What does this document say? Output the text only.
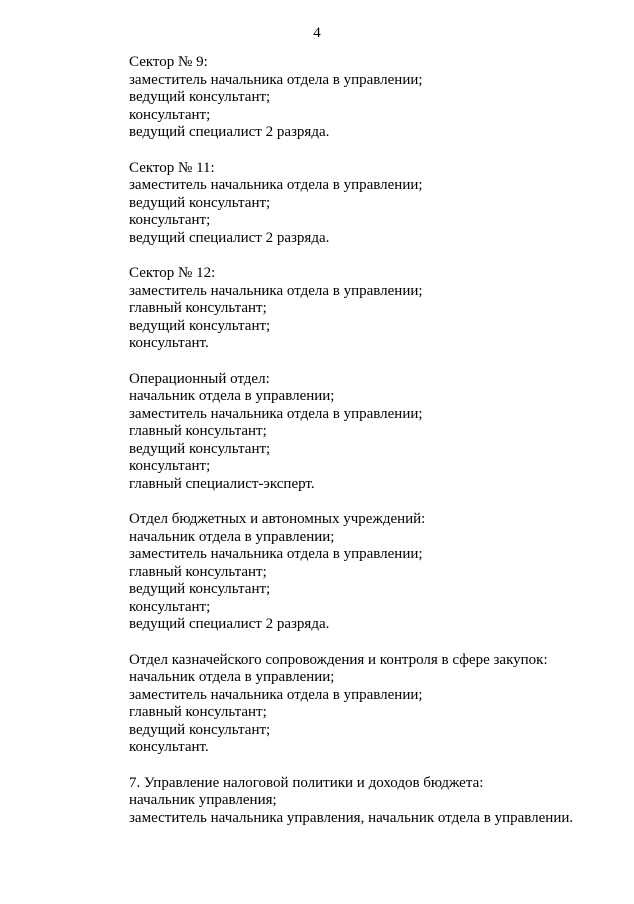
4
Сектор № 9:
заместитель начальника отдела в управлении;
ведущий консультант;
консультант;
ведущий специалист 2 разряда.
Сектор № 11:
заместитель начальника отдела в управлении;
ведущий консультант;
консультант;
ведущий специалист 2 разряда.
Сектор № 12:
заместитель начальника отдела в управлении;
главный консультант;
ведущий консультант;
консультант.
Операционный отдел:
начальник отдела в управлении;
заместитель начальника отдела в управлении;
главный консультант;
ведущий консультант;
консультант;
главный специалист-эксперт.
Отдел бюджетных и автономных учреждений:
начальник отдела в управлении;
заместитель начальника отдела в управлении;
главный консультант;
ведущий консультант;
консультант;
ведущий специалист 2 разряда.
Отдел казначейского сопровождения и контроля в сфере закупок:
начальник отдела в управлении;
заместитель начальника отдела в управлении;
главный консультант;
ведущий консультант;
консультант.
7. Управление налоговой политики и доходов бюджета:
начальник управления;
заместитель начальника управления, начальник отдела в управлении.
